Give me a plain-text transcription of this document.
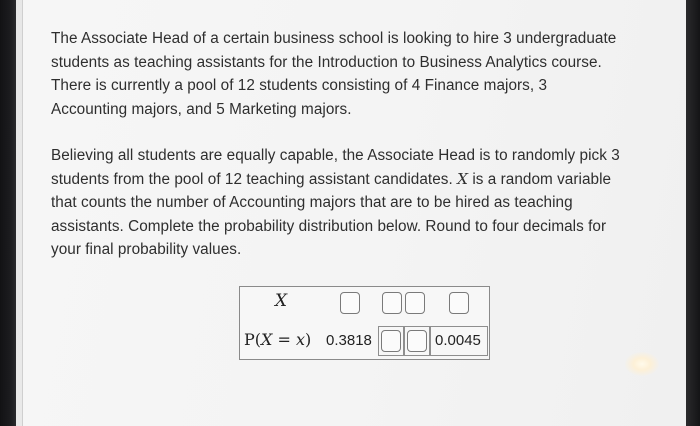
The Associate Head of a certain business school is looking to hire 3 undergraduate
students as teaching assistants for the Introduction to Business Analytics course.
There is currently a pool of 12 students consisting of 4 Finance majors, 3
Accounting majors, and 5 Marketing majors.
Believing all students are equally capable, the Associate Head is to randomly pick 3
students from the pool of 12 teaching assistant candidates. X is a random variable
that counts the number of Accounting majors that are to be hired as teaching
assistants. Complete the probability distribution below. Round to four decimals for
your final probability values.
X
P(X = x) 0.3818	0.0045
